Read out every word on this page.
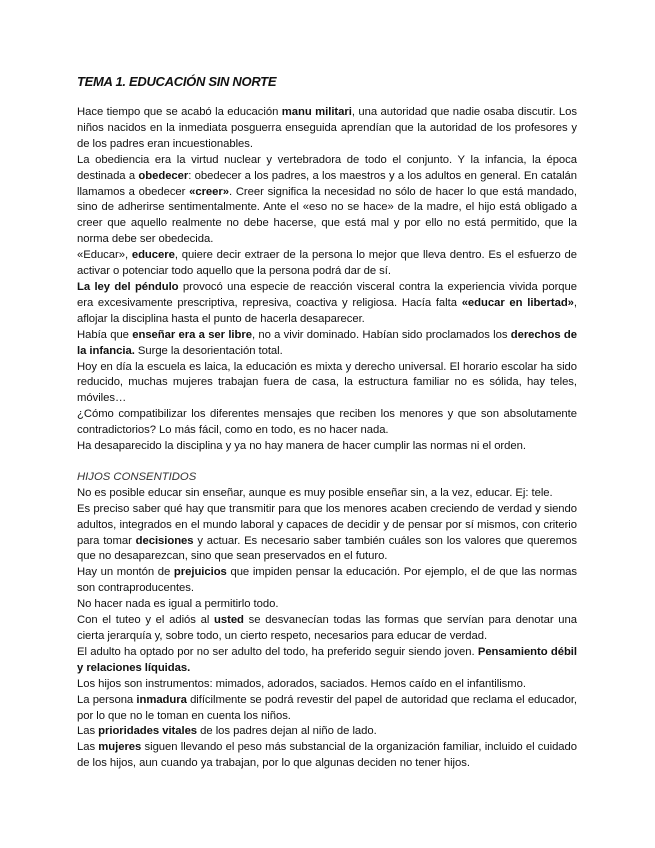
TEMA 1. EDUCACIÓN SIN NORTE

Hace tiempo que se acabó la educación manu militari, una autoridad que nadie osaba discutir. Los niños nacidos en la inmediata posguerra enseguida aprendían que la autoridad de los profesores y de los padres eran incuestionables.

La obediencia era la virtud nuclear y vertebradora de todo el conjunto. Y la infancia, la época destinada a obedecer: obedecer a los padres, a los maestros y a los adultos en general. En catalán llamamos a obedecer «creer». Creer significa la necesidad no sólo de hacer lo que está mandado, sino de adherirse sentimentalmente. Ante el «eso no se hace» de la madre, el hijo está obligado a creer que aquello realmente no debe hacerse, que está mal y por ello no está permitido, que la norma debe ser obedecida.

«Educar», educere, quiere decir extraer de la persona lo mejor que lleva dentro. Es el esfuerzo de activar o potenciar todo aquello que la persona podrá dar de sí.

La ley del péndulo provocó una especie de reacción visceral contra la experiencia vivida porque era excesivamente prescriptiva, represiva, coactiva y religiosa. Hacía falta «educar en libertad», aflojar la disciplina hasta el punto de hacerla desaparecer.

Había que enseñar era a ser libre, no a vivir dominado. Habían sido proclamados los derechos de la infancia. Surge la desorientación total.

Hoy en día la escuela es laica, la educación es mixta y derecho universal. El horario escolar ha sido reducido, muchas mujeres trabajan fuera de casa, la estructura familiar no es sólida, hay teles, móviles…

¿Cómo compatibilizar los diferentes mensajes que reciben los menores y que son absolutamente contradictorios? Lo más fácil, como en todo, es no hacer nada.

Ha desaparecido la disciplina y ya no hay manera de hacer cumplir las normas ni el orden.

HIJOS CONSENTIDOS

No es posible educar sin enseñar, aunque es muy posible enseñar sin, a la vez, educar. Ej: tele.

Es preciso saber qué hay que transmitir para que los menores acaben creciendo de verdad y siendo adultos, integrados en el mundo laboral y capaces de decidir y de pensar por sí mismos, con criterio para tomar decisiones y actuar. Es necesario saber también cuáles son los valores que queremos que no desaparezcan, sino que sean preservados en el futuro.

Hay un montón de prejuicios que impiden pensar la educación. Por ejemplo, el de que las normas son contraproducentes.

No hacer nada es igual a permitirlo todo.

Con el tuteo y el adiós al usted se desvanecían todas las formas que servían para denotar una cierta jerarquía y, sobre todo, un cierto respeto, necesarios para educar de verdad.

El adulto ha optado por no ser adulto del todo, ha preferido seguir siendo joven. Pensamiento débil y relaciones líquidas.

Los hijos son instrumentos: mimados, adorados, saciados. Hemos caído en el infantilismo.

La persona inmadura difícilmente se podrá revestir del papel de autoridad que reclama el educador, por lo que no le toman en cuenta los niños.

Las prioridades vitales de los padres dejan al niño de lado.

Las mujeres siguen llevando el peso más substancial de la organización familiar, incluido el cuidado de los hijos, aun cuando ya trabajan, por lo que algunas deciden no tener hijos.
